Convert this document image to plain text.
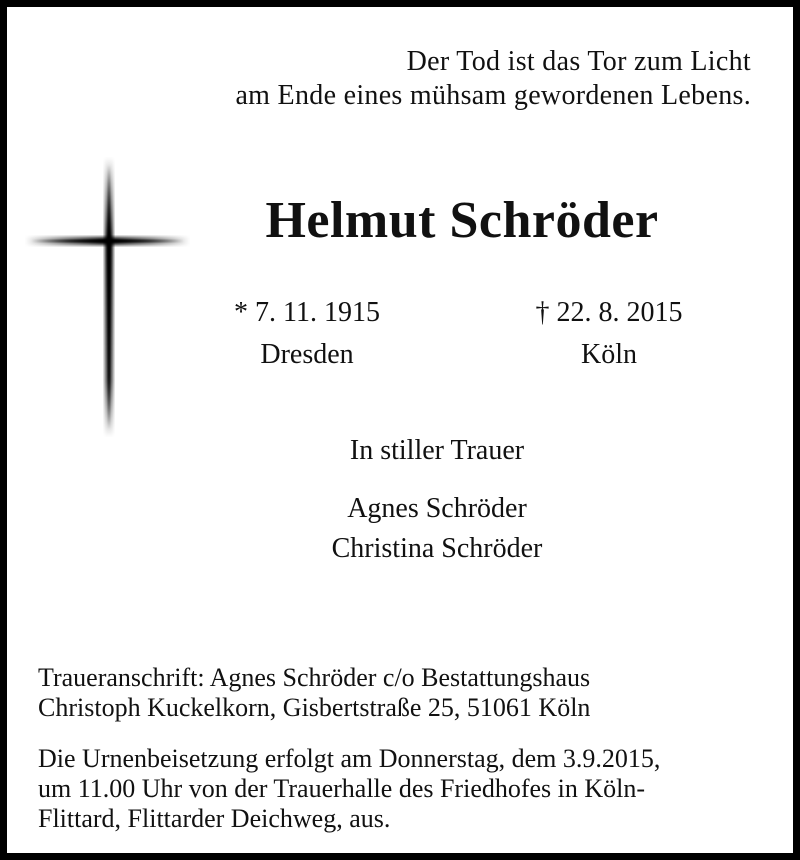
Der Tod ist das Tor zum Licht
am Ende eines mühsam gewordenen Lebens.
Helmut Schröder
* 7. 11. 1915
Dresden
† 22. 8. 2015
Köln
In stiller Trauer
Agnes Schröder
Christina Schröder
Traueranschrift: Agnes Schröder c/o Bestattungshaus
Christoph Kuckelkorn, Gisbertstraße 25, 51061 Köln
Die Urnenbeisetzung erfolgt am Donnerstag, dem 3.9.2015,
um 11.00 Uhr von der Trauerhalle des Friedhofes in Köln-
Flittard, Flittarder Deichweg, aus.
